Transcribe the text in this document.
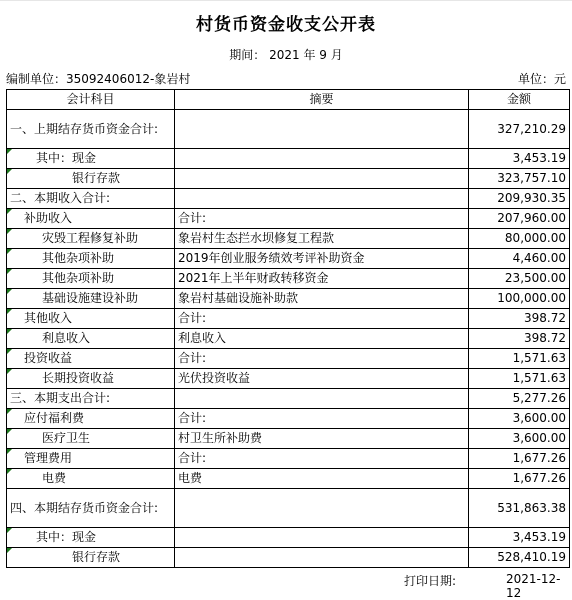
村货币资金收支公开表
期间： 2021 年 9 月
编制单位：35092406012-象岩村	单位：元
会计科目	摘要	金额
一、上期结存货币资金合计:		327,210.29

其中：现金		3,453.19

银行存款		323,757.10
二、本期收入合计:		209,930.35

补助收入	合计:	207,960.00

灾毁工程修复补助	象岩村生态拦水坝修复工程款	80,000.00

其他杂项补助	2019年创业服务绩效考评补助资金	4,460.00

其他杂项补助	2021年上半年财政转移资金	23,500.00

基础设施建设补助	象岩村基础设施补助款	100,000.00

其他收入	合计:	398.72

利息收入	利息收入	398.72

投资收益	合计:	1,571.63

长期投资收益	光伏投资收益	1,571.63
三、本期支出合计:		5,277.26

应付福利费	合计:	3,600.00

医疗卫生	村卫生所补助费	3,600.00

管理费用	合计:	1,677.26

电费	电费	1,677.26
四、本期结存货币资金合计:		531,863.38

其中：现金		3,453.19

银行存款		528,410.19
打印日期:	2021-12-12
